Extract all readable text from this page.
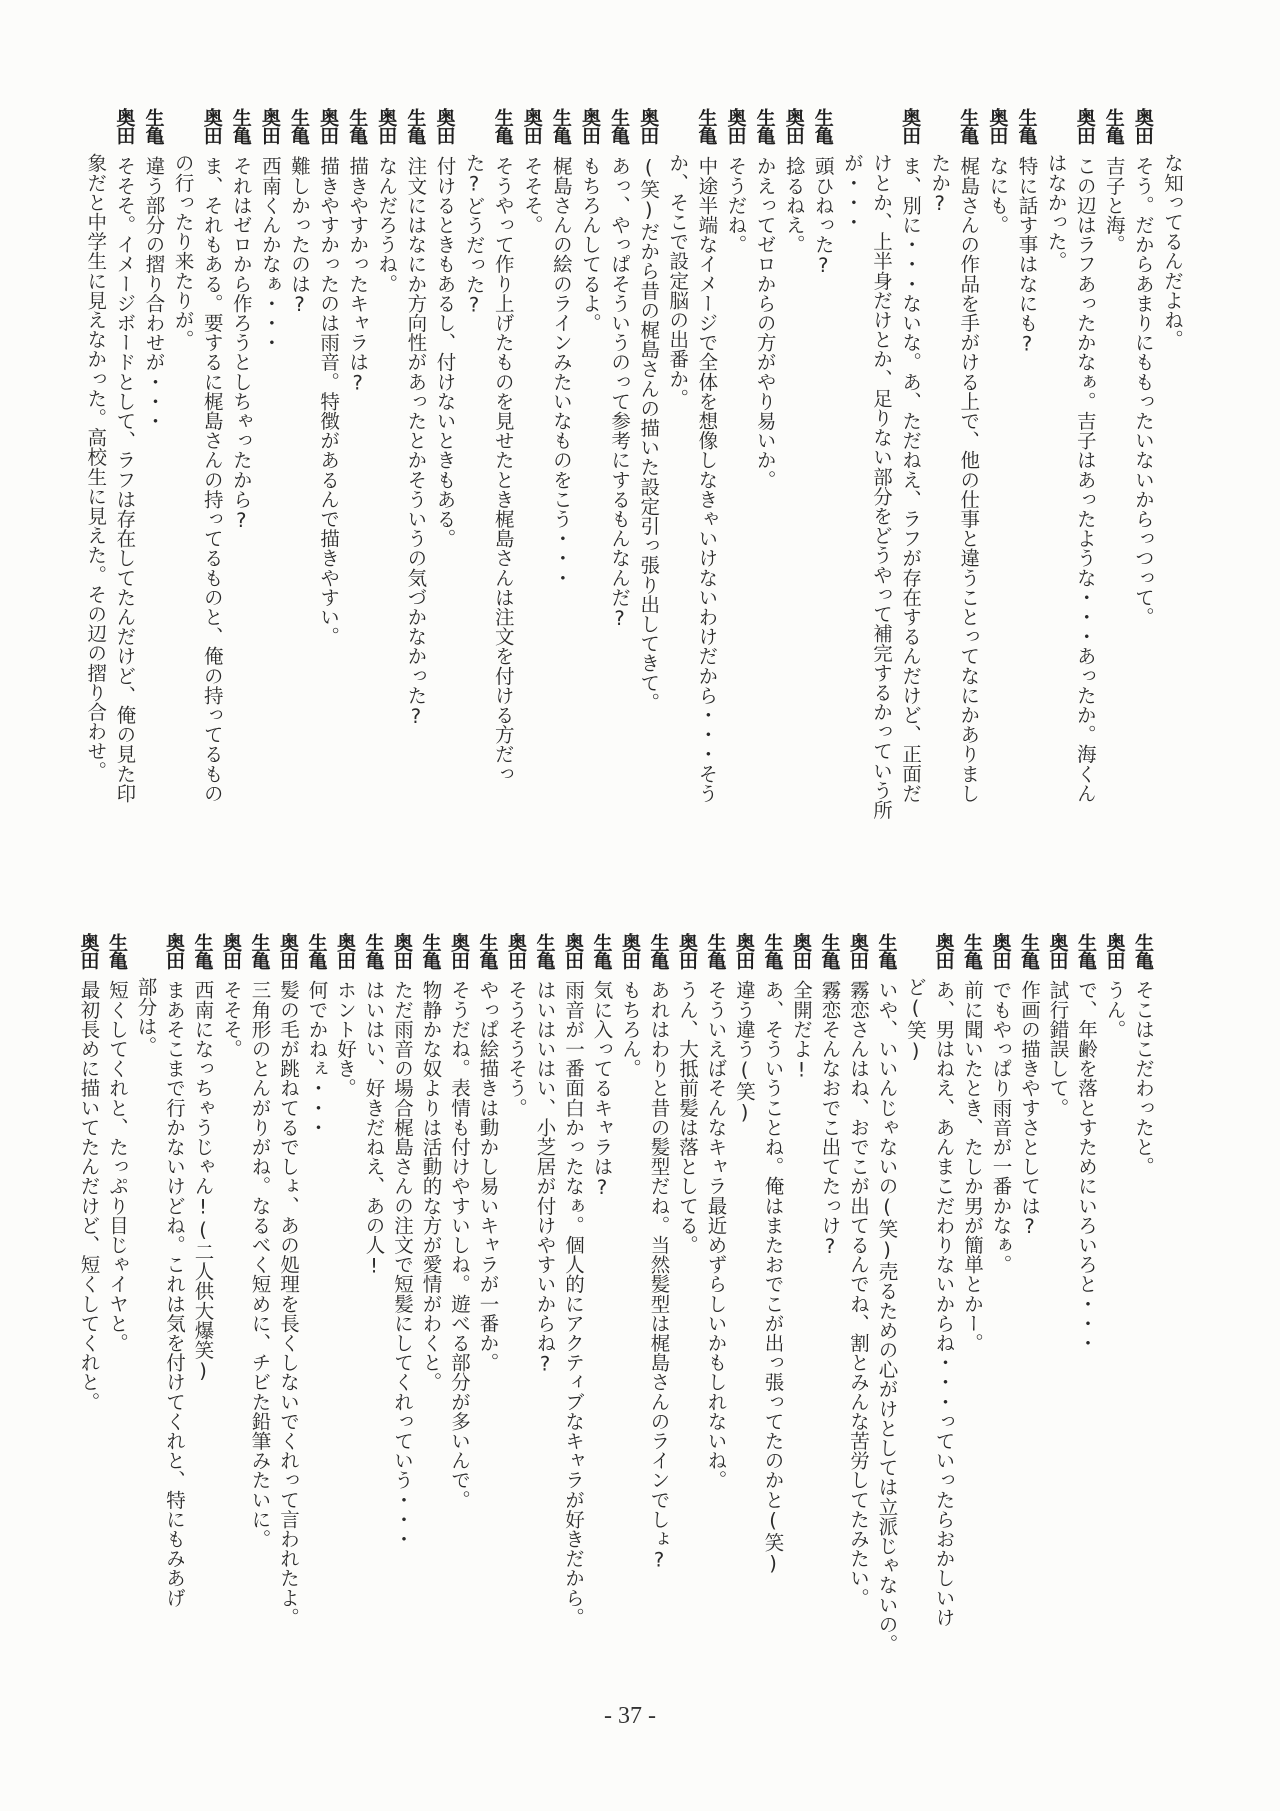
な知ってるんだよね。
奥田
そう。だからあまりにももったいないからっつって。
生亀
吉子と海。
奥田
この辺はラフあったかなぁ。吉子はあったような・・・あったか。海くん
はなかった。
生亀
特に話す事はなにも?
奥田
なにも。
生亀
梶島さんの作品を手がける上で、他の仕事と違うことってなにかありまし
たか?
奥田
ま、別に・・・ないな。あ、ただねえ、ラフが存在するんだけど、正面だ
けとか、上半身だけとか、足りない部分をどうやって補完するかっていう所
が・・・
生亀
頭ひねった?
奥田
捻るねえ。
生亀
かえってゼロからの方がやり易いか。
奥田
そうだね。
生亀
中途半端なイメージで全体を想像しなきゃいけないわけだから・・・そう
か、そこで設定脳の出番か。
奥田
(笑)だから昔の梶島さんの描いた設定引っ張り出してきて。
生亀
あっ、やっぱそういうのって参考にするもんなんだ?
奥田
もちろんしてるよ。
生亀
梶島さんの絵のラインみたいなものをこう・・・
奥田
そそそ。
生亀
そうやって作り上げたものを見せたとき梶島さんは注文を付ける方だっ
た?どうだった?
奥田
付けるときもあるし、付けないときもある。
生亀
注文にはなにか方向性があったとかそういうの気づかなかった?
奥田
なんだろうね。
生亀
描きやすかったキャラは?
奥田
描きやすかったのは雨音。特徴があるんで描きやすい。
生亀
難しかったのは?
奥田
西南くんかなぁ・・・
生亀
それはゼロから作ろうとしちゃったから?
奥田
ま、それもある。要するに梶島さんの持ってるものと、俺の持ってるもの
の行ったり来たりが。
生亀
違う部分の摺り合わせが・・・
奥田
そそそ。イメージボードとして、ラフは存在してたんだけど、俺の見た印
象だと中学生に見えなかった。高校生に見えた。その辺の摺り合わせ。
生亀
そこはこだわったと。
奥田
うん。
生亀
で、年齢を落とすためにいろいろと・・・
奥田
試行錯誤して。
生亀
作画の描きやすさとしては?
奥田
でもやっぱり雨音が一番かなぁ。
生亀
前に聞いたとき、たしか男が簡単とかー。
奥田
あ、男はねえ、あんまこだわりないからね・・・っていったらおかしいけ
ど(笑)
生亀
いや、いいんじゃないの(笑)売るための心がけとしては立派じゃないの。
奥田
霧恋さんはね、おでこが出てるんでね、割とみんな苦労してたみたい。
生亀
霧恋そんなおでこ出てたっけ?
奥田
全開だよ!
生亀
あ、そういうことね。俺はまたおでこが出っ張ってたのかと(笑)
奥田
違う違う(笑)
生亀
そういえばそんなキャラ最近めずらしいかもしれないね。
奥田
うん、大抵前髪は落としてる。
生亀
あれはわりと昔の髪型だね。当然髪型は梶島さんのラインでしょ?
奥田
もちろん。
生亀
気に入ってるキャラは?
奥田
雨音が一番面白かったなぁ。個人的にアクティブなキャラが好きだから。
生亀
はいはいはい、小芝居が付けやすいからね?
奥田
そうそうそう。
生亀
やっぱ絵描きは動かし易いキャラが一番か。
奥田
そうだね。表情も付けやすいしね。遊べる部分が多いんで。
生亀
物静かな奴よりは活動的な方が愛情がわくと。
奥田
ただ雨音の場合梶島さんの注文で短髪にしてくれっていう・・・
生亀
はいはい、好きだねえ、あの人!
奥田
ホント好き。
生亀
何でかねぇ・・・
奥田
髪の毛が跳ねてるでしょ、あの処理を長くしないでくれって言われたよ。
生亀
三角形のとんがりがね。なるべく短めに、チビた鉛筆みたいに。
奥田
そそそ。
生亀
西南になっちゃうじゃん!(二人供大爆笑)
奥田
まあそこまで行かないけどね。これは気を付けてくれと、特にもみあげ
部分は。
生亀
短くしてくれと、たっぷり目じゃイヤと。
奥田
最初長めに描いてたんだけど、短くしてくれと。
- 37 -
